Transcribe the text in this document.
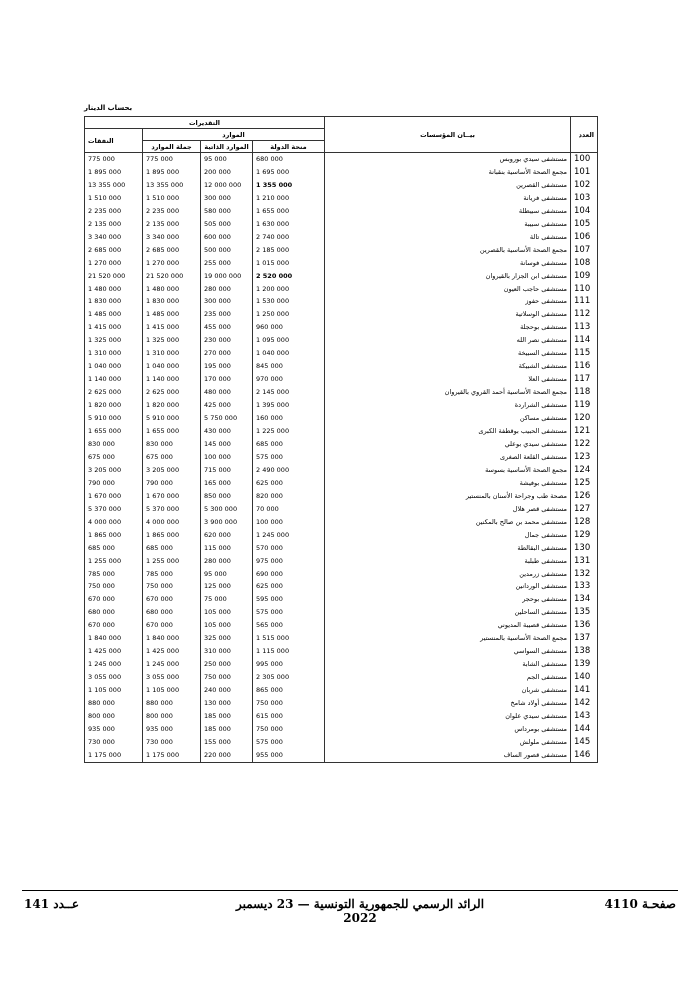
بحساب الدينار
التقديرات				بيــان المؤسسات	العدد
النفقات	الموارد				
	جملة الموارد	الموارد الذاتية	منحة الدولة		
775 000	775 000	95 000	680 000	مستشفى سيدي بوروبس	100
1 895 000	1 895 000	200 000	1 695 000	مجمع الصحة الأساسية بنقبانة	101
13 355 000	13 355 000	12 000 000	1 355 000	مستشفى القصرين	102
1 510 000	1 510 000	300 000	1 210 000	مستشفى فريانة	103
2 235 000	2 235 000	580 000	1 655 000	مستشفى سبيطلة	104
2 135 000	2 135 000	505 000	1 630 000	مستشفى سبيبة	105
3 340 000	3 340 000	600 000	2 740 000	مستشفى تالة	106
2 685 000	2 685 000	500 000	2 185 000	مجمع الصحة الأساسية بالقصرين	107
1 270 000	1 270 000	255 000	1 015 000	مستشفى فوسانة	108
21 520 000	21 520 000	19 000 000	2 520 000	مستشفى ابن الجزار بالقيروان	109
1 480 000	1 480 000	280 000	1 200 000	مستشفى حاجب العيون	110
1 830 000	1 830 000	300 000	1 530 000	مستشفى حفوز	111
1 485 000	1 485 000	235 000	1 250 000	مستشفى الوسلاتية	112
1 415 000	1 415 000	455 000	960 000	مستشفى بوحجلة	113
1 325 000	1 325 000	230 000	1 095 000	مستشفى نصر الله	114
1 310 000	1 310 000	270 000	1 040 000	مستشفى السبيخة	115
1 040 000	1 040 000	195 000	845 000	مستشفى الشبيكة	116
1 140 000	1 140 000	170 000	970 000	مستشفى العلا	117
2 625 000	2 625 000	480 000	2 145 000	مجمع الصحة الأساسية أحمد القروي بالقيروان	118
1 820 000	1 820 000	425 000	1 395 000	مستشفى الشراردة	119
5 910 000	5 910 000	5 750 000	160 000	مستشفى مساكن	120
1 655 000	1 655 000	430 000	1 225 000	مستشفى الحبيب بوقطفة الكبرى	121
830 000	830 000	145 000	685 000	مستشفى سيدي بوعلي	122
675 000	675 000	100 000	575 000	مستشفى القلعة الصغرى	123
3 205 000	3 205 000	715 000	2 490 000	مجمع الصحة الأساسية بسوسة	124
790 000	790 000	165 000	625 000	مستشفى بوفيشة	125
1 670 000	1 670 000	850 000	820 000	مصحة طب وجراحة الأسنان بالمنستير	126
5 370 000	5 370 000	5 300 000	70 000	مستشفى قصر هلال	127
4 000 000	4 000 000	3 900 000	100 000	مستشفى محمد بن صالح بالمكنين	128
1 865 000	1 865 000	620 000	1 245 000	مستشفى جمال	129
685 000	685 000	115 000	570 000	مستشفى البقالطة	130
1 255 000	1 255 000	280 000	975 000	مستشفى طبلبة	131
785 000	785 000	95 000	690 000	مستشفى زرمدين	132
750 000	750 000	125 000	625 000	مستشفى الوردانين	133
670 000	670 000	75 000	595 000	مستشفى بوحجر	134
680 000	680 000	105 000	575 000	مستشفى الساحلين	135
670 000	670 000	105 000	565 000	مستشفى قصيبة المديوني	136
1 840 000	1 840 000	325 000	1 515 000	مجمع الصحة الأساسية بالمنستير	137
1 425 000	1 425 000	310 000	1 115 000	مستشفى السواسي	138
1 245 000	1 245 000	250 000	995 000	مستشفى الشابة	139
3 055 000	3 055 000	750 000	2 305 000	مستشفى الجم	140
1 105 000	1 105 000	240 000	865 000	مستشفى شربان	141
880 000	880 000	130 000	750 000	مستشفى أولاد شامخ	142
800 000	800 000	185 000	615 000	مستشفى سيدي علوان	143
935 000	935 000	185 000	750 000	مستشفى بومرداس	144
730 000	730 000	155 000	575 000	مستشفى ملولش	145
1 175 000	1 175 000	220 000	955 000	مستشفى قصور الساف	146
عــدد 141	الرائد الرسمي للجمهورية التونسية — 23 ديسمبر 2022
صفحـة 4110
